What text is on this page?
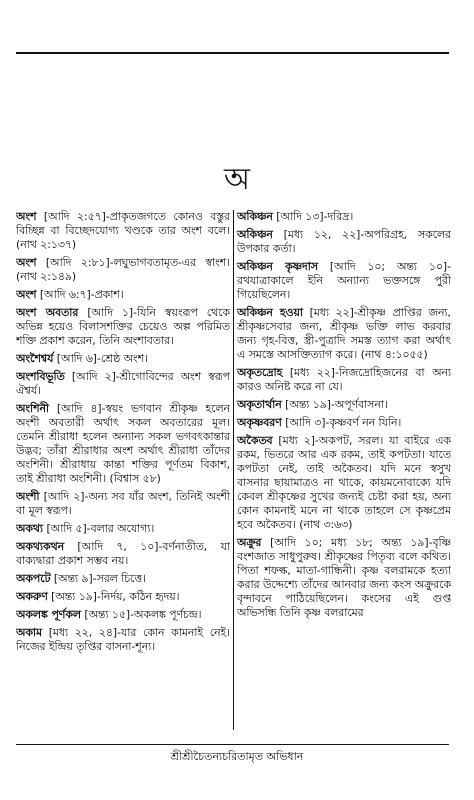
অ

অংশ [আদি ২:৫৭]-প্রাকৃতজগতে কোনও বস্তুর বিচ্ছিন্ন বা বিচ্ছেদযোগ্য খণ্ডকে তার অংশ বলে। (নাথ ২:১৩৭)

অংশ [আদি ২:৮১]-লঘুভাগবতামৃত-এর স্বাংশ। (নাথ ২:১৪৯)

অংশ [আদি ৬:৭]-প্রকাশ।

অংশ অবতার [আদি ১]-যিনি স্বয়ংরূপ থেকে অভিন্ন হয়েও বিলাসশক্তির চেয়েও অল্প পরিমিত শক্তি প্রকাশ করেন, তিনি অংশাবতার।

অংশৈশ্বর্য [আদি ৬]-শ্রেষ্ঠ অংশ।

অংশবিভূতি [আদি ২]-শ্রীগোবিন্দের অংশ স্বরূপ ঐশ্বর্য।

অংশিনী [আদি ৪]-স্বয়ং ভগবান শ্রীকৃষ্ণ হলেন অংশী অবতারী অর্থাৎ সকল অবতারের মূল। তেমনি শ্রীরাধা হলেন অন্যান্য সকল ভগবৎকান্তার উদ্ভব; তাঁরা শ্রীরাধার অংশ অর্থাৎ শ্রীরাধা তাঁদের অংশিনী। শ্রীরাধায় কান্তা শক্তির পূর্ণতম বিকাশ, তাই শ্রীরাধা অংশিনী। (বিশ্বাস ৫৮)

অংশী [আদি ২]-অন্য সব যাঁর অংশ, তিনিই অংশী বা মূল স্বরূপ।

অকথ্য [আদি ৫]-বলার অযোগ্য।

অকথ্যকথন [আদি ৭, ১০]-বর্ণনাতীত, যা বাক্যদ্বারা প্রকাশ সম্ভব নয়।

অকপটে [অন্ত্য ৯]-সরল চিত্তে।

অকরুণ [অন্ত্য ১৯]-নির্দয়, কঠিন হৃদয়।

অকলঙ্ক পূর্ণকল [অন্ত্য ১৫]-অকলঙ্ক পূর্ণচন্দ্র।

অকাম [মধ্য ২২, ২৪]-যার কোন কামনাই নেই। নিজের ইন্দ্রিয় তৃপ্তির বাসনা-শূন্য।

অকিঞ্চন [আদি ১৩]-দরিদ্র।

অকিঞ্চন [মধ্য ১২, ২২]-অপরিগ্রহ, সকলের উপকার কর্তা।

অকিঞ্চন কৃষ্ণদাস [আদি ১০; অন্ত্য ১০]-রথযাত্রাকালে ইনি অন্যান্য ভক্তসঙ্গে পুরী গিয়েছিলেন।

অকিঞ্চন হওয়া [মধ্য ২২]-শ্রীকৃষ্ণ প্রাপ্তির জন্য, শ্রীকৃষ্ণসেবার জন্য, শ্রীকৃষ্ণ ভক্তি লাভ করবার জন্য গৃহ-বিত্ত, স্ত্রী-পুত্রাদি সমস্ত ত্যাগ করা অর্থাৎ এ সমস্তে আসক্তিত্যাগ করে। (নাথ ৪:১০৫৫)

অকৃতদ্রোহ [মধ্য ২২]-নিজদ্রোহিজনের বা অন্য কারও অনিষ্ট করে না যে।

অকৃতার্থান [অন্ত্য ১৯]-অপূর্ণবাসনা।

অকৃষ্ণবরণ [আদি ৩]-কৃষ্ণবর্ণ নন যিনি।

অকৈতব [মধ্য ২]-অকপট, সরল। যা বাইরে এক রকম, ভিতরে আর এক রকম, তাই কপটতা। যাতে কপটতা নেই, তাই অকৈতব। যদি মনে স্বসুখ বাসনার ছায়ামাত্রও না থাকে, কায়মনোবাক্যে যদি কেবল শ্রীকৃষ্ণের সুখের জন্যই চেষ্টা করা হয়, অন্য কোন কামনাই মনে না থাকে তাহলে সে কৃষ্ণপ্রেম হবে অকৈতব। (নাথ ৩:৬৩)

অক্রুর [আদি ১০; মধ্য ১৮; অন্ত্য ১৯]-বৃষ্ণি বংশজাত সাধুপুরুষ। শ্রীকৃষ্ণের পিতৃব্য বলে কথিত। পিতা শফল্ক, মাতা-গান্ধিনী। কৃষ্ণ বলরামকে হত্যা করার উদ্দেশ্যে তাঁদের আনবার জন্য কংস অক্রুরকে বৃন্দাবনে পাঠিয়েছিলেন। কংসের এই গুপ্ত অভিসন্ধি তিনি কৃষ্ণ বলরামের

শ্রীশ্রীচৈতন্যচরিতামৃত অভিধান
